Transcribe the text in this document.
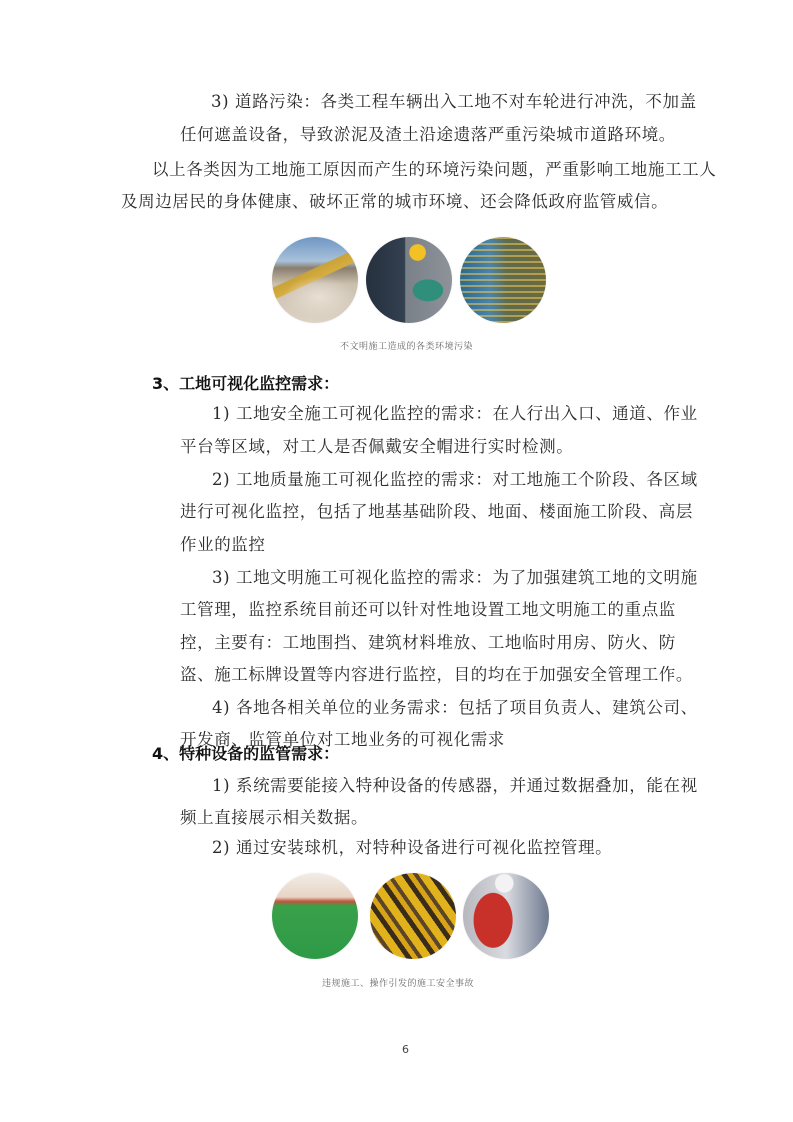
3) 道路污染：各类工程车辆出入工地不对车轮进行冲洗，不加盖
任何遮盖设备，导致淤泥及渣土沿途遗落严重污染城市道路环境。
以上各类因为工地施工原因而产生的环境污染问题，严重影响工地施工工人
及周边居民的身体健康、破坏正常的城市环境、还会降低政府监管威信。
不文明施工造成的各类环境污染
3、工地可视化监控需求：
1) 工地安全施工可视化监控的需求：在人行出入口、通道、作业
平台等区域，对工人是否佩戴安全帽进行实时检测。
2) 工地质量施工可视化监控的需求：对工地施工个阶段、各区域
进行可视化监控，包括了地基基础阶段、地面、楼面施工阶段、高层
作业的监控
3) 工地文明施工可视化监控的需求：为了加强建筑工地的文明施
工管理，监控系统目前还可以针对性地设置工地文明施工的重点监
控，主要有：工地围挡、建筑材料堆放、工地临时用房、防火、防
盗、施工标牌设置等内容进行监控，目的均在于加强安全管理工作。
4) 各地各相关单位的业务需求：包括了项目负责人、建筑公司、
开发商、监管单位对工地业务的可视化需求
4、特种设备的监管需求：
1) 系统需要能接入特种设备的传感器，并通过数据叠加，能在视
频上直接展示相关数据。
2) 通过安装球机，对特种设备进行可视化监控管理。
违规施工、操作引发的施工安全事故
6
